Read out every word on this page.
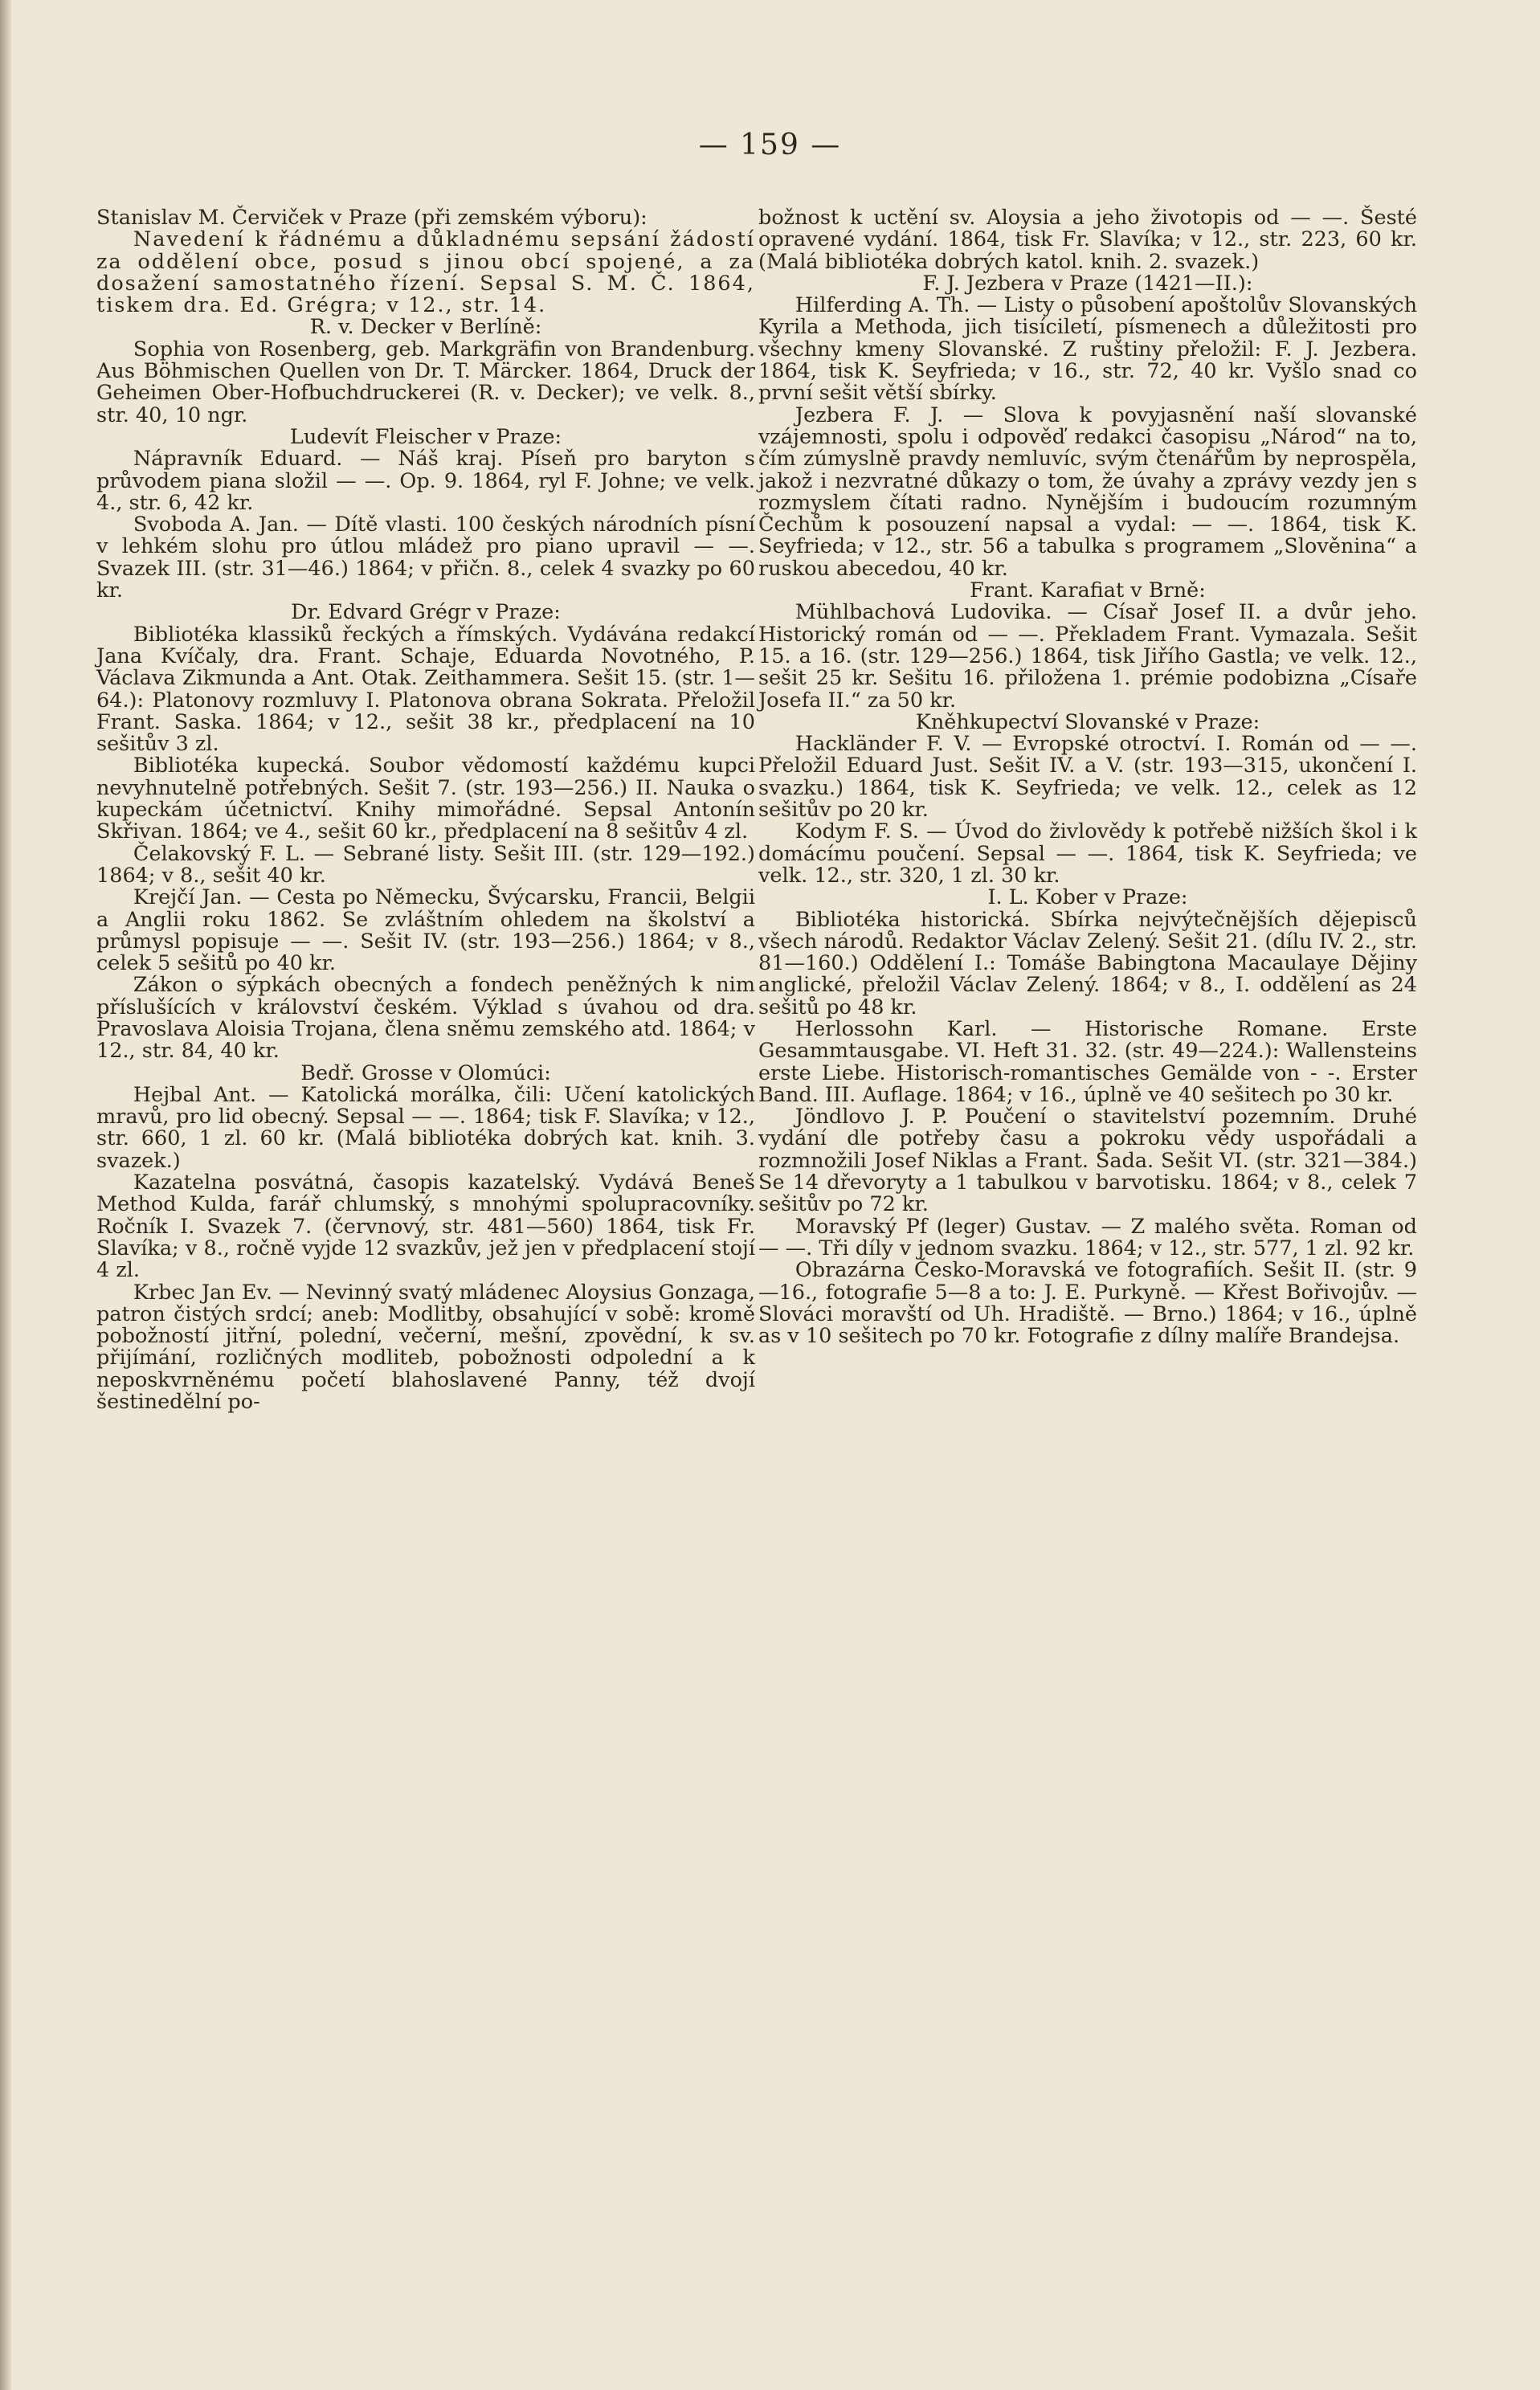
— 159 —

Stanislav M. Červiček v Praze (při zemském výboru):

Navedení k řádnému a důkladnému sepsání žádostí za oddělení obce, posud s jinou obcí spojené, a za dosažení samostatného řízení. Sepsal S. M. Č. 1864, tiskem dra. Ed. Grégra; v 12., str. 14.

R. v. Decker v Berlíně:

Sophia von Rosenberg, geb. Markgräfin von Brandenburg. Aus Böhmischen Quellen von Dr. T. Märcker. 1864, Druck der Geheimen Ober-Hofbuchdruckerei (R. v. Decker); ve velk. 8., str. 40, 10 ngr.

Ludevít Fleischer v Praze:

Nápravník Eduard. — Náš kraj. Píseň pro baryton s průvodem piana složil — —. Op. 9. 1864, ryl F. Johne; ve velk. 4., str. 6, 42 kr.

Svoboda A. Jan. — Dítě vlasti. 100 českých národních písní v lehkém slohu pro útlou mládež pro piano upravil — —. Svazek III. (str. 31—46.) 1864; v přičn. 8., celek 4 svazky po 60 kr.

Dr. Edvard Grégr v Praze:

Bibliotéka klassiků řeckých a římských. Vydávána redakcí Jana Kvíčaly, dra. Frant. Schaje, Eduarda Novotného, P. Václava Zikmunda a Ant. Otak. Zeithammera. Sešit 15. (str. 1—64.): Platonovy rozmluvy I. Platonova obrana Sokrata. Přeložil Frant. Saska. 1864; v 12., sešit 38 kr., předplacení na 10 sešitův 3 zl.

Bibliotéka kupecká. Soubor vědomostí každému kupci nevyhnutelně potřebných. Sešit 7. (str. 193—256.) II. Nauka o kupeckám účetnictví. Knihy mimořádné. Sepsal Antonín Skřivan. 1864; ve 4., sešit 60 kr., předplacení na 8 sešitův 4 zl.

Čelakovský F. L. — Sebrané listy. Sešit III. (str. 129—192.) 1864; v 8., sešit 40 kr.

Krejčí Jan. — Cesta po Německu, Švýcarsku, Francii, Belgii a Anglii roku 1862. Se zvláštním ohledem na školství a průmysl popisuje — —. Sešit IV. (str. 193—256.) 1864; v 8., celek 5 sešitů po 40 kr.

Zákon o sýpkách obecných a fondech peněžných k nim příslušících v království českém. Výklad s úvahou od dra. Pravoslava Aloisia Trojana, člena sněmu zemského atd. 1864; v 12., str. 84, 40 kr.

Bedř. Grosse v Olomúci:

Hejbal Ant. — Katolická morálka, čili: Učení katolických mravů, pro lid obecný. Sepsal — —. 1864; tisk F. Slavíka; v 12., str. 660, 1 zl. 60 kr. (Malá bibliotéka dobrých kat. knih. 3. svazek.)

Kazatelna posvátná, časopis kazatelský. Vydává Beneš Method Kulda, farář chlumský, s mnohými spolupracovníky. Ročník I. Svazek 7. (červnový, str. 481—560) 1864, tisk Fr. Slavíka; v 8., ročně vyjde 12 svazkův, jež jen v předplacení stojí 4 zl.

Krbec Jan Ev. — Nevinný svatý mládenec Aloysius Gonzaga, patron čistých srdcí; aneb: Modlitby, obsahující v sobě: kromě pobožností jitřní, polední, večerní, mešní, zpovědní, k sv. přijímání, rozličných modliteb, pobožnosti odpolední a k neposkvrněnému početí blahoslavené Panny, též dvojí šestinedělní po-

božnost k uctění sv. Aloysia a jeho životopis od — —. Šesté opravené vydání. 1864, tisk Fr. Slavíka; v 12., str. 223, 60 kr. (Malá bibliotéka dobrých katol. knih. 2. svazek.)

F. J. Jezbera v Praze (1421—II.):

Hilferding A. Th. — Listy o působení apoštolův Slovanských Kyrila a Methoda, jich tisíciletí, písmenech a důležitosti pro všechny kmeny Slovanské. Z ruštiny přeložil: F. J. Jezbera. 1864, tisk K. Seyfrieda; v 16., str. 72, 40 kr. Vyšlo snad co první sešit větší sbírky.

Jezbera F. J. — Slova k povyjasnění naší slovanské vzájemnosti, spolu i odpověď redakci časopisu „Národ“ na to, čím zúmyslně pravdy nemluvíc, svým čtenářům by neprospěla, jakož i nezvratné důkazy o tom, že úvahy a zprávy vezdy jen s rozmyslem čítati radno. Nynějším i budoucím rozumným Čechům k posouzení napsal a vydal: — —. 1864, tisk K. Seyfrieda; v 12., str. 56 a tabulka s programem „Slověnina“ a ruskou abecedou, 40 kr.

Frant. Karafiat v Brně:

Mühlbachová Ludovika. — Císař Josef II. a dvůr jeho. Historický román od — —. Překladem Frant. Vymazala. Sešit 15. a 16. (str. 129—256.) 1864, tisk Jiřího Gastla; ve velk. 12., sešit 25 kr. Sešitu 16. přiložena 1. prémie podobizna „Císaře Josefa II.“ za 50 kr.

Kněhkupectví Slovanské v Praze:

Hackländer F. V. — Evropské otroctví. I. Román od — —. Přeložil Eduard Just. Sešit IV. a V. (str. 193—315, ukončení I. svazku.) 1864, tisk K. Seyfrieda; ve velk. 12., celek as 12 sešitův po 20 kr.

Kodym F. S. — Úvod do živlovědy k potřebě nižších škol i k domácímu poučení. Sepsal — —. 1864, tisk K. Seyfrieda; ve velk. 12., str. 320, 1 zl. 30 kr.

I. L. Kober v Praze:

Bibliotéka historická. Sbírka nejvýtečnějších dějepisců všech národů. Redaktor Václav Zelený. Sešit 21. (dílu IV. 2., str. 81—160.) Oddělení I.: Tomáše Babingtona Macaulaye Dějiny anglické, přeložil Václav Zelený. 1864; v 8., I. oddělení as 24 sešitů po 48 kr.

Herlossohn Karl. — Historische Romane. Erste Gesammtausgabe. VI. Heft 31. 32. (str. 49—224.): Wallensteins erste Liebe. Historisch-romantisches Gemälde von - -. Erster Band. III. Auflage. 1864; v 16., úplně ve 40 sešitech po 30 kr.

Jöndlovo J. P. Poučení o stavitelství pozemním. Druhé vydání dle potřeby času a pokroku vědy uspořádali a rozmnožili Josef Niklas a Frant. Šada. Sešit VI. (str. 321—384.) Se 14 dřevoryty a 1 tabulkou v barvotisku. 1864; v 8., celek 7 sešitův po 72 kr.

Moravský Pf (leger) Gustav. — Z malého světa. Roman od — —. Tři díly v jednom svazku. 1864; v 12., str. 577, 1 zl. 92 kr.

Obrazárna Česko-Moravská ve fotografiích. Sešit II. (str. 9—16., fotografie 5—8 a to: J. E. Purkyně. — Křest Bořivojův. — Slováci moravští od Uh. Hradiště. — Brno.) 1864; v 16., úplně as v 10 sešitech po 70 kr. Fotografie z dílny malíře Brandejsa.
